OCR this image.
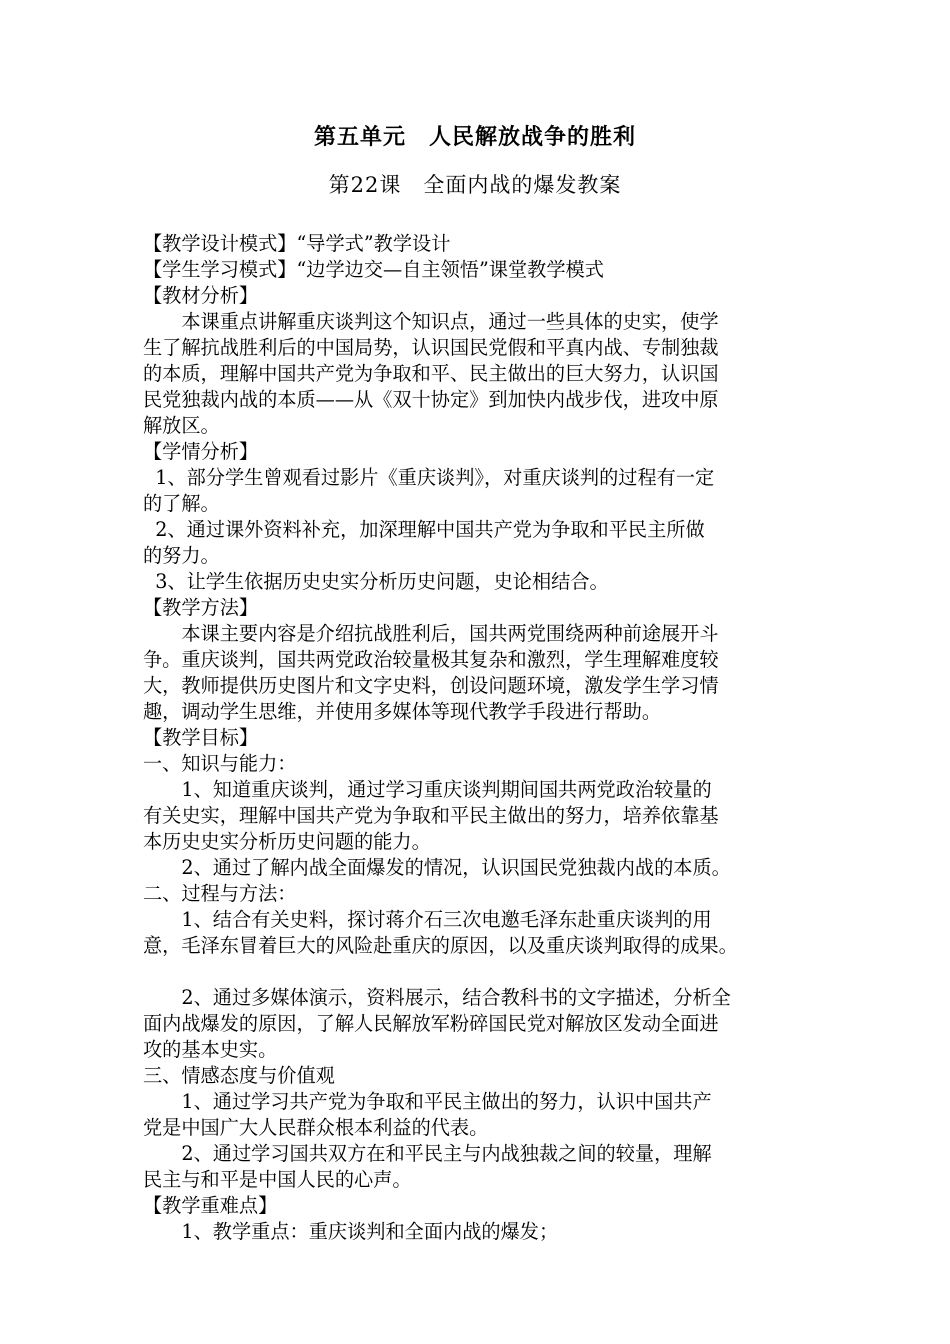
第五单元　人民解放战争的胜利
第22课　全面内战的爆发教案

【教学设计模式】“导学式”教学设计

【学生学习模式】“边学边交—自主领悟”课堂教学模式

【教材分析】

　　本课重点讲解重庆谈判这个知识点，通过一些具体的史实，使学

生了解抗战胜利后的中国局势，认识国民党假和平真内战、专制独裁

的本质，理解中国共产党为争取和平、民主做出的巨大努力，认识国

民党独裁内战的本质——从《双十协定》到加快内战步伐，进攻中原

解放区。

【学情分析】

1、部分学生曾观看过影片《重庆谈判》，对重庆谈判的过程有一定

的了解。

2、通过课外资料补充，加深理解中国共产党为争取和平民主所做

的努力。

3、让学生依据历史史实分析历史问题，史论相结合。

【教学方法】

　　本课主要内容是介绍抗战胜利后，国共两党围绕两种前途展开斗

争。重庆谈判，国共两党政治较量极其复杂和激烈，学生理解难度较

大，教师提供历史图片和文字史料，创设问题环境，激发学生学习情

趣，调动学生思维，并使用多媒体等现代教学手段进行帮助。

【教学目标】

一、知识与能力：

　　1、知道重庆谈判，通过学习重庆谈判期间国共两党政治较量的

有关史实，理解中国共产党为争取和平民主做出的努力，培养依靠基

本历史史实分析历史问题的能力。

　　2、通过了解内战全面爆发的情况，认识国民党独裁内战的本质。

二、过程与方法：

　　1、结合有关史料，探讨蒋介石三次电邀毛泽东赴重庆谈判的用

意，毛泽东冒着巨大的风险赴重庆的原因，以及重庆谈判取得的成果。

　　2、通过多媒体演示，资料展示，结合教科书的文字描述，分析全

面内战爆发的原因，了解人民解放军粉碎国民党对解放区发动全面进

攻的基本史实。

三、情感态度与价值观

　　1、通过学习共产党为争取和平民主做出的努力，认识中国共产

党是中国广大人民群众根本利益的代表。

　　2、通过学习国共双方在和平民主与内战独裁之间的较量，理解

民主与和平是中国人民的心声。

【教学重难点】

　　1、教学重点：重庆谈判和全面内战的爆发；
